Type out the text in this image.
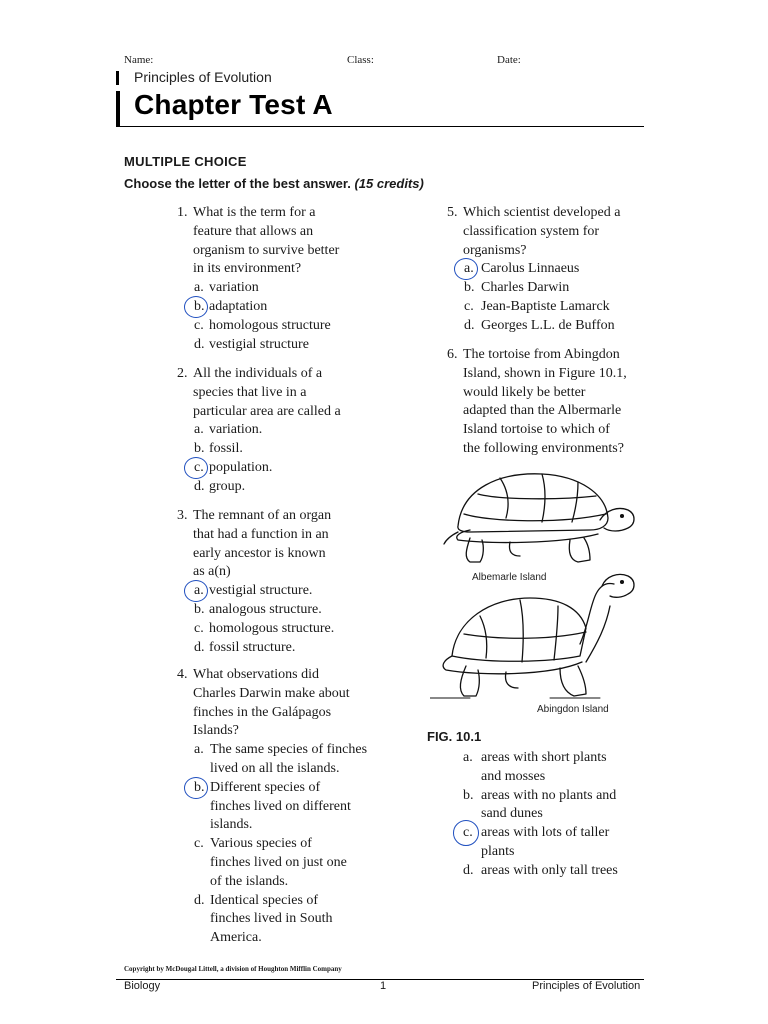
Name:	Class:	Date:
Principles of Evolution
Chapter Test A
MULTIPLE CHOICE
Choose the letter of the best answer. (15 credits)
1. What is the term for a
feature that allows an
organism to survive better
in its environment?
a. variation
b. adaptation
c. homologous structure
d. vestigial structure
2. All the individuals of a
species that live in a
particular area are called a
a. variation.
b. fossil.
c. population.
d. group.
3. The remnant of an organ
that had a function in an
early ancestor is known
as a(n)
a. vestigial structure.
b. analogous structure.
c. homologous structure.
d. fossil structure.
4. What observations did
Charles Darwin make about
finches in the Galápagos
Islands?
a. The same species of finches
lived on all the islands.
b. Different species of
finches lived on different
islands.
c. Various species of
finches lived on just one
of the islands.
d. Identical species of
finches lived in South
America.
5. Which scientist developed a
classification system for
organisms?
a. Carolus Linnaeus
b. Charles Darwin
c. Jean-Baptiste Lamarck
d. Georges L.L. de Buffon
6. The tortoise from Abingdon
Island, shown in Figure 10.1,
would likely be better
adapted than the Albermarle
Island tortoise to which of
the following environments?
Albemarle Island
Abingdon Island
FIG. 10.1
a. areas with short plants
and mosses
b. areas with no plants and
sand dunes
c. areas with lots of taller
plants
d. areas with only tall trees
Copyright by McDougal Littell, a division of Houghton Mifflin Company
Biology	1	Principles of Evolution
